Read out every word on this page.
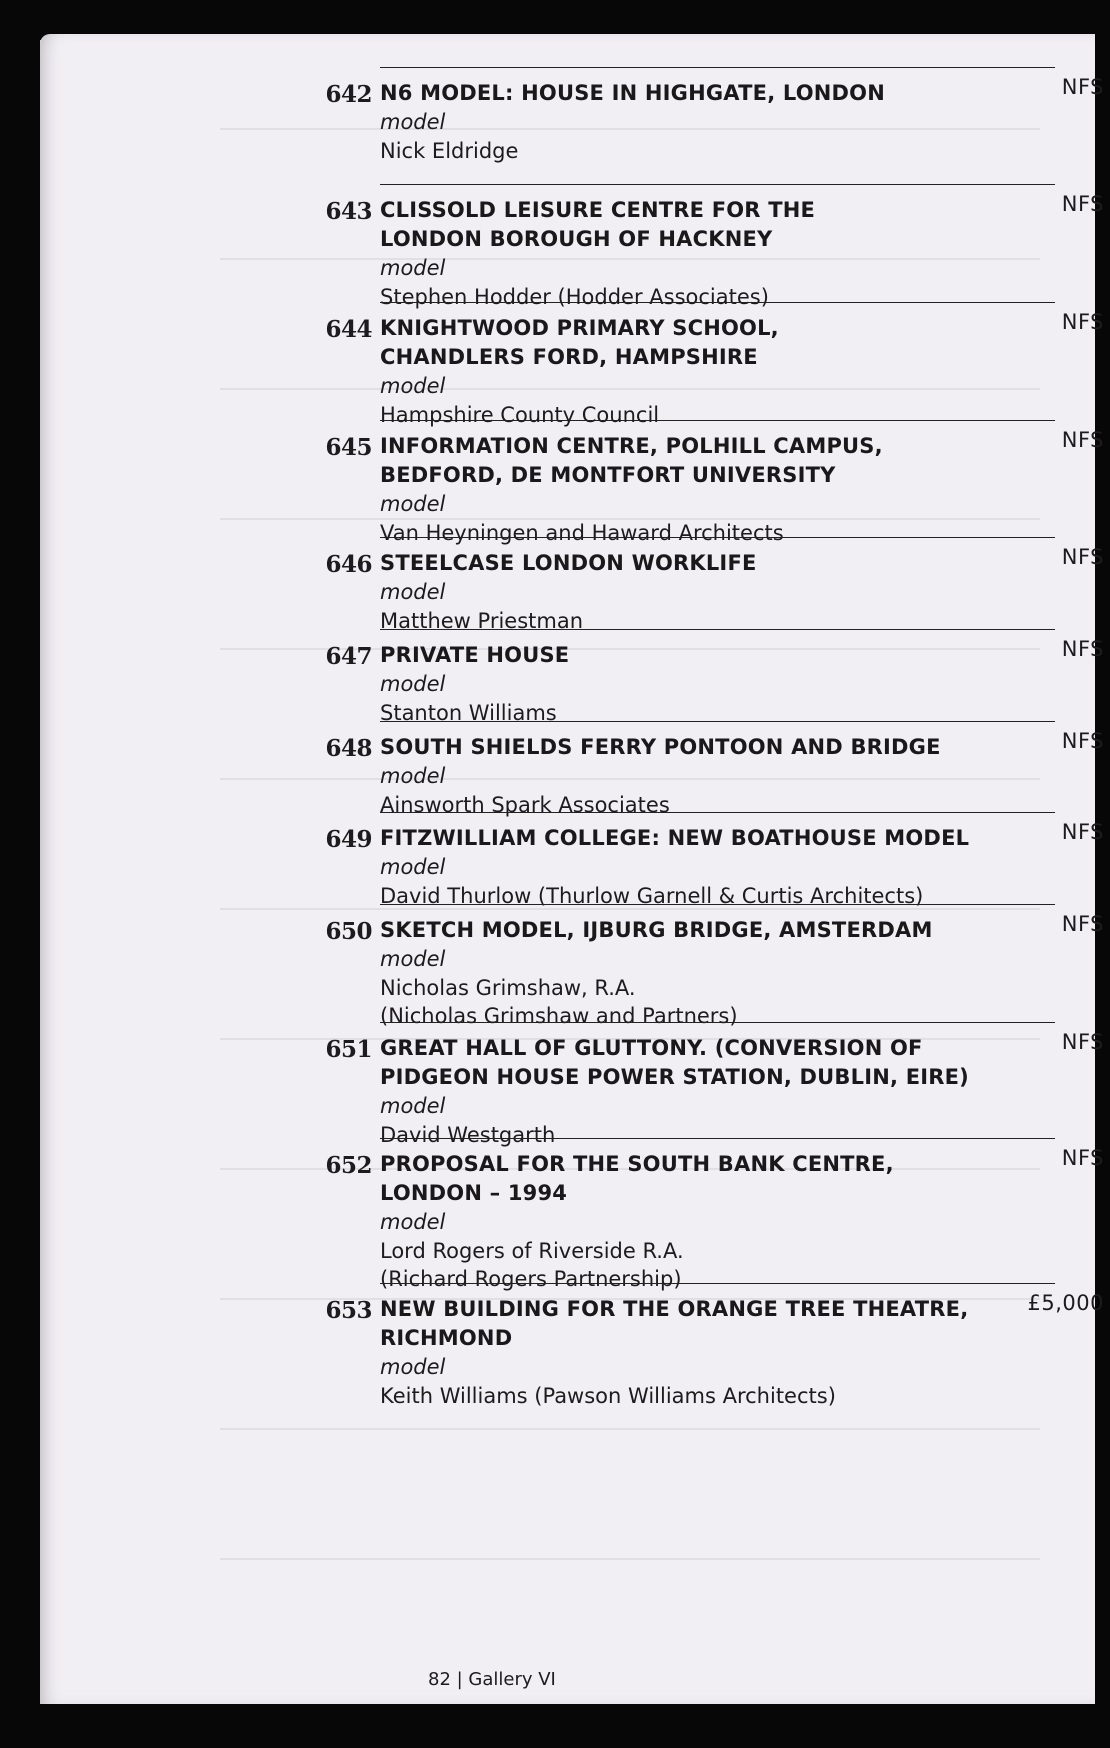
642	NFS
N6 MODEL: HOUSE IN HIGHGATE, LONDON
model
Nick Eldridge
643	NFS
CLISSOLD LEISURE CENTRE FOR THE
LONDON BOROUGH OF HACKNEY
model
Stephen Hodder (Hodder Associates)
644	NFS
KNIGHTWOOD PRIMARY SCHOOL,
CHANDLERS FORD, HAMPSHIRE
model
Hampshire County Council
645	NFS
INFORMATION CENTRE, POLHILL CAMPUS,
BEDFORD, DE MONTFORT UNIVERSITY
model
Van Heyningen and Haward Architects
646	NFS
STEELCASE LONDON WORKLIFE
model
Matthew Priestman
647	NFS
PRIVATE HOUSE
model
Stanton Williams
648	NFS
SOUTH SHIELDS FERRY PONTOON AND BRIDGE
model
Ainsworth Spark Associates
649	NFS
FITZWILLIAM COLLEGE: NEW BOATHOUSE MODEL
model
David Thurlow (Thurlow Garnell & Curtis Architects)
650	NFS
SKETCH MODEL, IJBURG BRIDGE, AMSTERDAM
model
Nicholas Grimshaw, R.A.
(Nicholas Grimshaw and Partners)
651	NFS
GREAT HALL OF GLUTTONY. (CONVERSION OF
PIDGEON HOUSE POWER STATION, DUBLIN, EIRE)
model
David Westgarth
652	NFS
PROPOSAL FOR THE SOUTH BANK CENTRE,
LONDON – 1994
model
Lord Rogers of Riverside R.A.
(Richard Rogers Partnership)
653	£5,000
NEW BUILDING FOR THE ORANGE TREE THEATRE,
RICHMOND
model
Keith Williams (Pawson Williams Architects)
82 | Gallery VI
